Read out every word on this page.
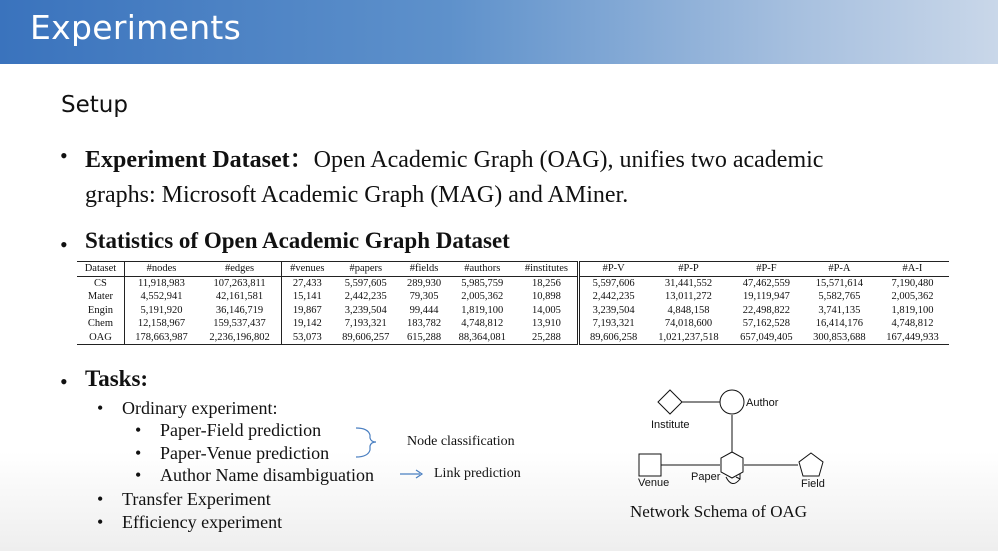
Experiments
Setup
• Experiment Dataset：Open Academic Graph (OAG), unifies two academic
graphs: Microsoft Academic Graph (MAG) and AMiner.
• Statistics of Open Academic Graph Dataset
Dataset	#nodes	#edges	#venues	#papers	#fields	#authors	#institutes	#P-V	#P-P	#P-F	#P-A	#A-I
CS	11,918,983	107,263,811	27,433	5,597,605	289,930	5,985,759	18,256	5,597,606	31,441,552	47,462,559	15,571,614	7,190,480
Mater	4,552,941	42,161,581	15,141	2,442,235	79,305	2,005,362	10,898	2,442,235	13,011,272	19,119,947	5,582,765	2,005,362
Engin	5,191,920	36,146,719	19,867	3,239,504	99,444	1,819,100	14,005	3,239,504	4,848,158	22,498,822	3,741,135	1,819,100
Chem	12,158,967	159,537,437	19,142	7,193,321	183,782	4,748,812	13,910	7,193,321	74,018,600	57,162,528	16,414,176	4,748,812
OAG	178,663,987	2,236,196,802	53,073	89,606,257	615,288	88,364,081	25,288	89,606,258	1,021,237,518	657,049,405	300,853,688	167,449,933
• Tasks:
• Ordinary experiment:
• Paper-Field prediction
• Paper-Venue prediction
• Author Name disambiguation
Node classification
Link prediction
• Transfer Experiment
• Efficiency experiment
Author
Institute
Venue Paper
Field
Network Schema of OAG
